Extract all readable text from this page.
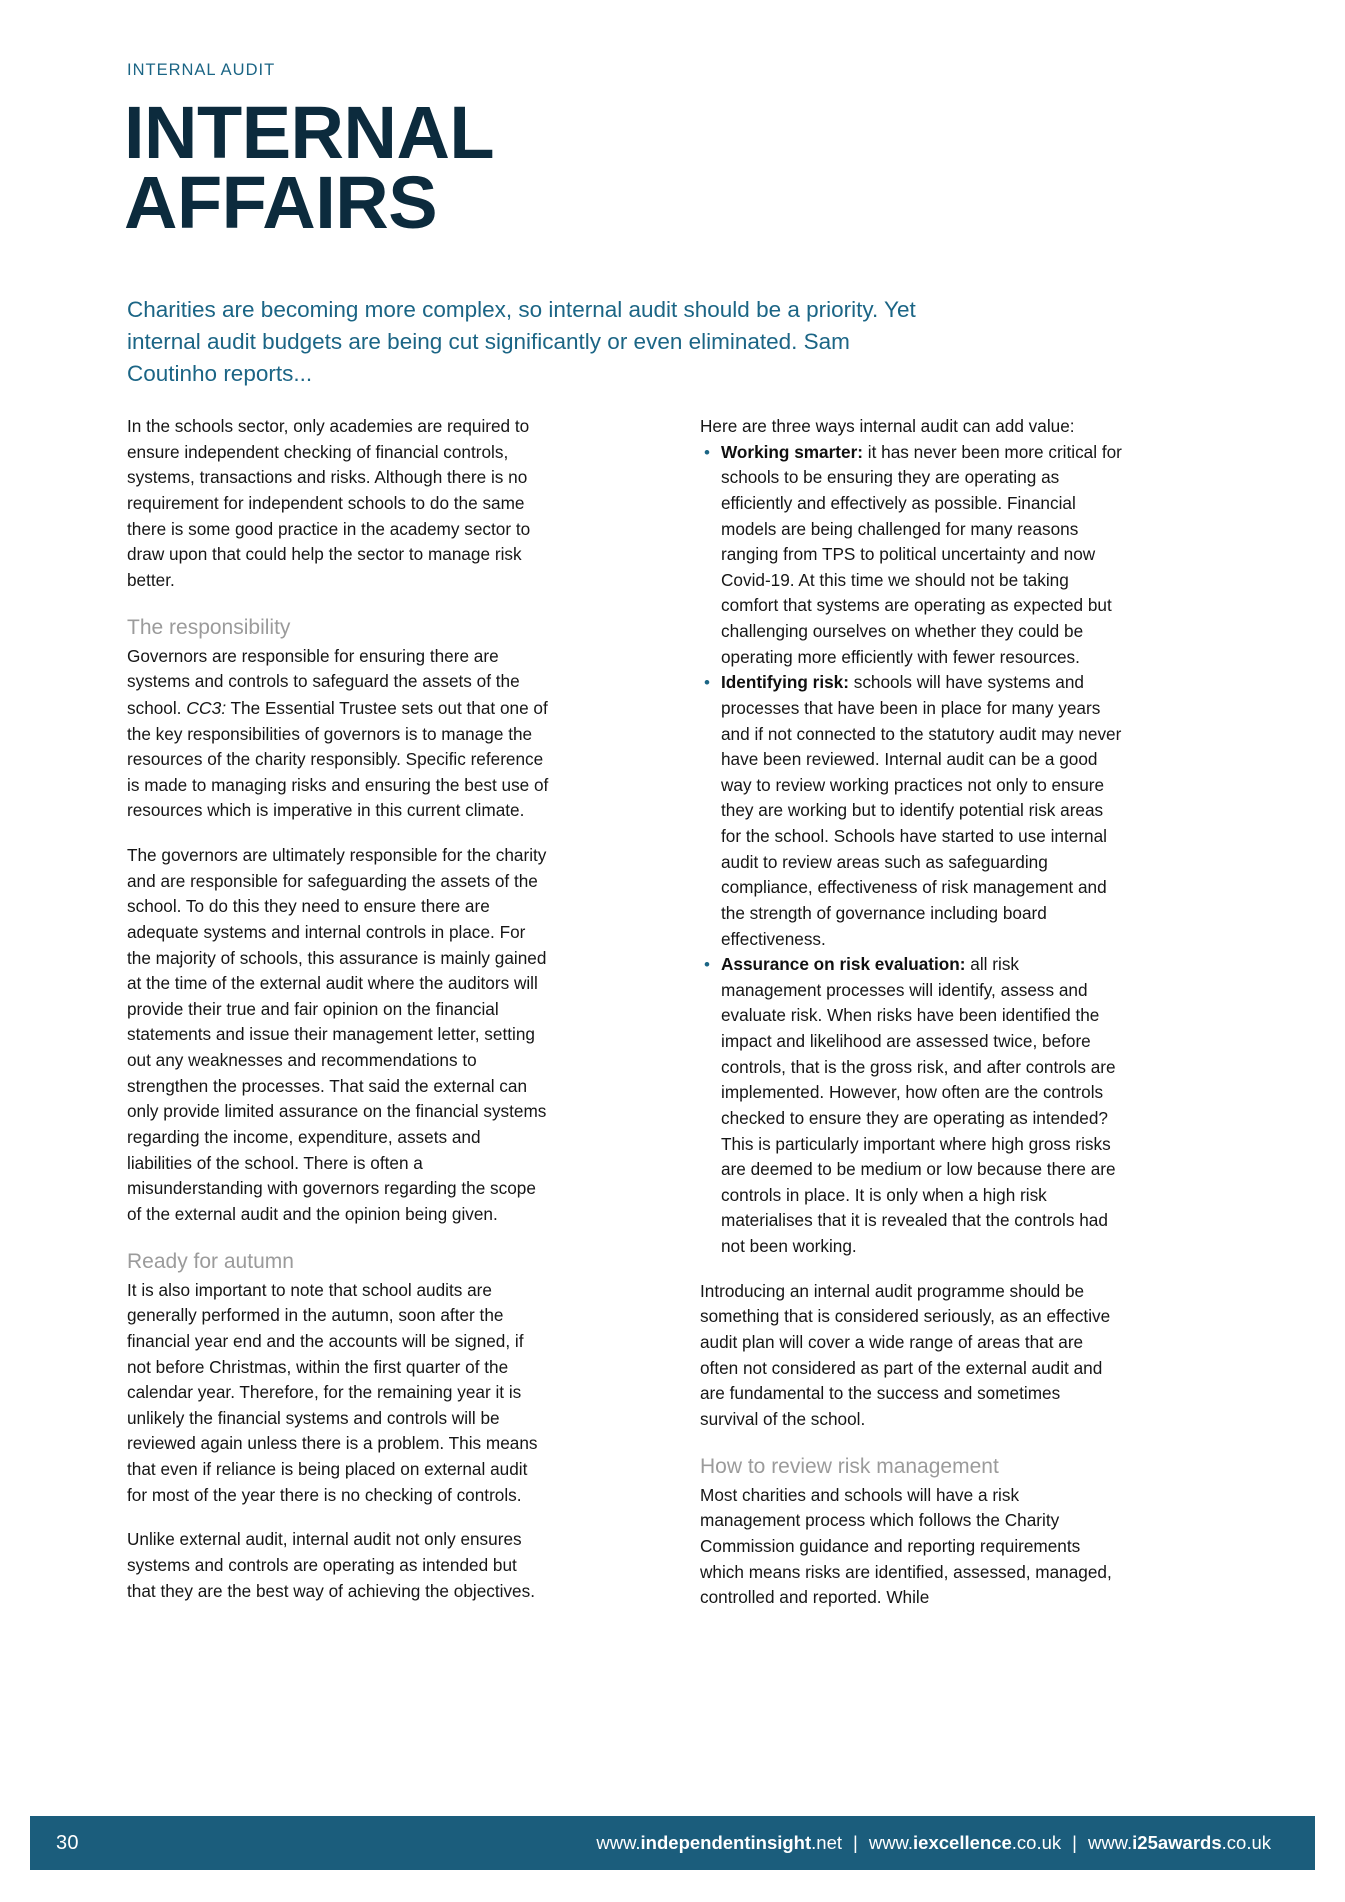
INTERNAL AUDIT
INTERNAL
AFFAIRS
Charities are becoming more complex, so internal audit should be a priority. Yet internal audit budgets are being cut significantly or even eliminated. Sam Coutinho reports...

In the schools sector, only academies are required to ensure independent checking of financial controls, systems, transactions and risks. Although there is no requirement for independent schools to do the same there is some good practice in the academy sector to draw upon that could help the sector to manage risk better.

The responsibility

Governors are responsible for ensuring there are systems and controls to safeguard the assets of the school. CC3: The Essential Trustee sets out that one of the key responsibilities of governors is to manage the resources of the charity responsibly. Specific reference is made to managing risks and ensuring the best use of resources which is imperative in this current climate.

The governors are ultimately responsible for the charity and are responsible for safeguarding the assets of the school. To do this they need to ensure there are adequate systems and internal controls in place. For the majority of schools, this assurance is mainly gained at the time of the external audit where the auditors will provide their true and fair opinion on the financial statements and issue their management letter, setting out any weaknesses and recommendations to strengthen the processes. That said the external can only provide limited assurance on the financial systems regarding the income, expenditure, assets and liabilities of the school. There is often a misunderstanding with governors regarding the scope of the external audit and the opinion being given.

Ready for autumn

It is also important to note that school audits are generally performed in the autumn, soon after the financial year end and the accounts will be signed, if not before Christmas, within the first quarter of the calendar year. Therefore, for the remaining year it is unlikely the financial systems and controls will be reviewed again unless there is a problem. This means that even if reliance is being placed on external audit for most of the year there is no checking of controls.

Unlike external audit, internal audit not only ensures systems and controls are operating as intended but that they are the best way of achieving the objectives.

Here are three ways internal audit can add value:

• Working smarter: it has never been more critical for schools to be ensuring they are operating as efficiently and effectively as possible. Financial models are being challenged for many reasons ranging from TPS to political uncertainty and now Covid-19. At this time we should not be taking comfort that systems are operating as expected but challenging ourselves on whether they could be operating more efficiently with fewer resources.
• Identifying risk: schools will have systems and processes that have been in place for many years and if not connected to the statutory audit may never have been reviewed. Internal audit can be a good way to review working practices not only to ensure they are working but to identify potential risk areas for the school. Schools have started to use internal audit to review areas such as safeguarding compliance, effectiveness of risk management and the strength of governance including board effectiveness.
• Assurance on risk evaluation: all risk management processes will identify, assess and evaluate risk. When risks have been identified the impact and likelihood are assessed twice, before controls, that is the gross risk, and after controls are implemented. However, how often are the controls checked to ensure they are operating as intended? This is particularly important where high gross risks are deemed to be medium or low because there are controls in place. It is only when a high risk materialises that it is revealed that the controls had not been working.

Introducing an internal audit programme should be something that is considered seriously, as an effective audit plan will cover a wide range of areas that are often not considered as part of the external audit and are fundamental to the success and sometimes survival of the school.

How to review risk management

Most charities and schools will have a risk management process which follows the Charity Commission guidance and reporting requirements which means risks are identified, assessed, managed, controlled and reported. While

30	www.independentinsight.net | www.iexcellence.co.uk | www.i25awards.co.uk
